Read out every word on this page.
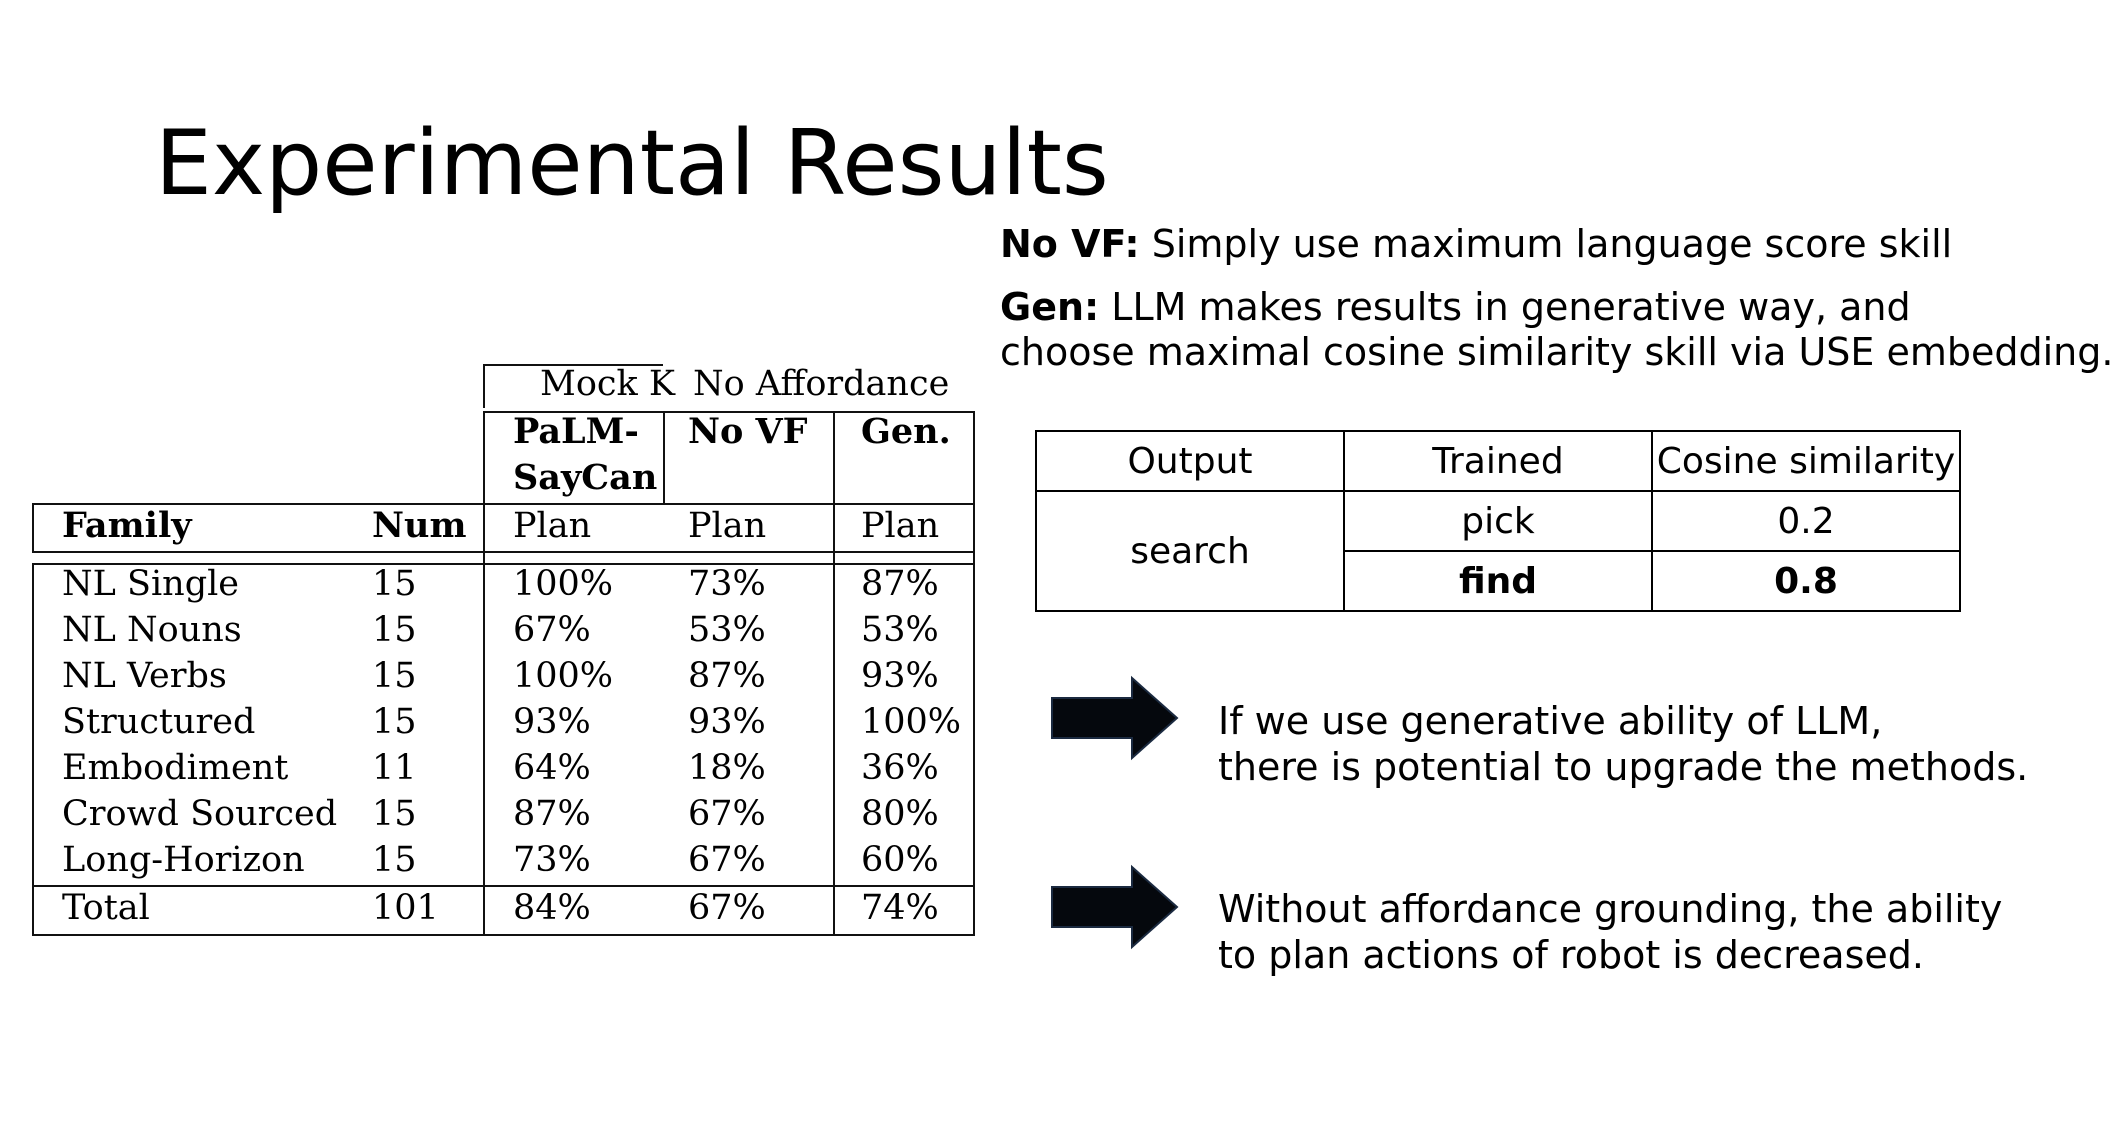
Experimental Results

No VF: Simply use maximum language score skill

Gen: LLM makes results in generative way, and

choose maximal cosine similarity skill via USE embedding.

Mock K No Affordance
PaLM-
SayCan
No VF Gen.
Family	Num Plan	Plan	Plan
NL Single	15	100% 73%	87%
NL Nouns	15	67%	53%	53%
NL Verbs	15	100% 87%	93%
Structured	15	93%	93%	100%
Embodiment 11	64%	18%	36%
Crowd Sourced 15	87%	67%	80%
Long-Horizon 15	73%	67%	60%
Total	101 84%	67%	74%
Output	Trained	Cosine similarity
search	pick	0.2
	find	0.8

If we use generative ability of LLM,

there is potential to upgrade the methods.

Without affordance grounding, the ability

to plan actions of robot is decreased.
